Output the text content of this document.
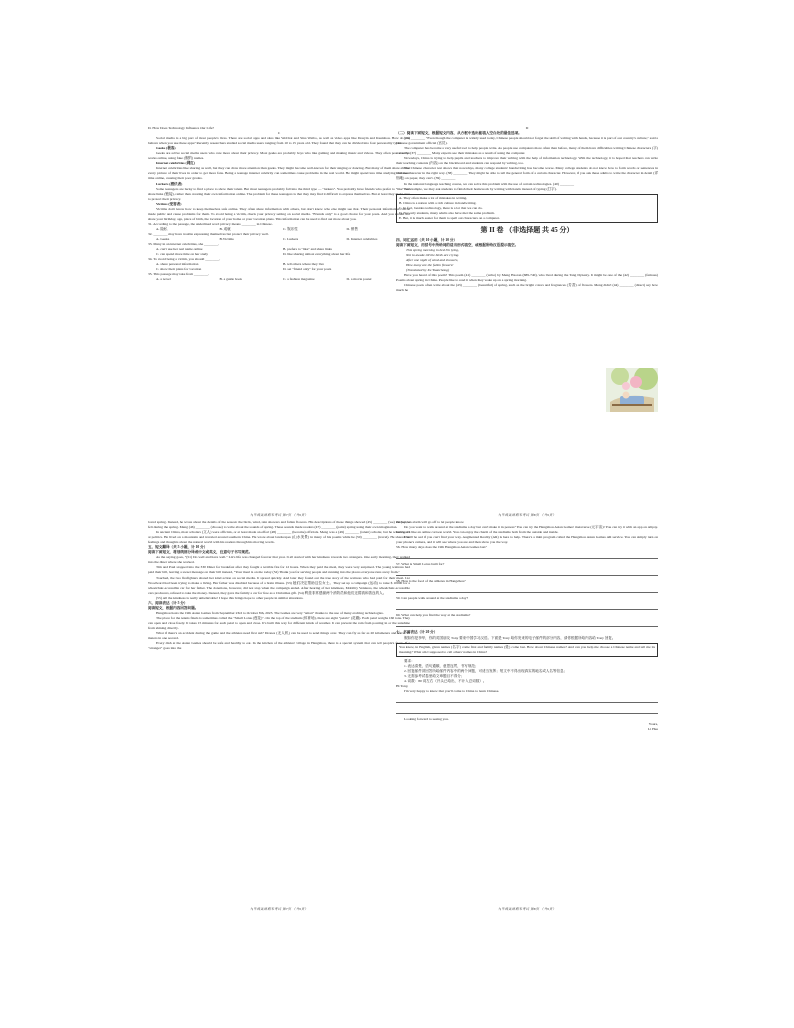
D. How Does Technology Influence Our Life?

C

Social media is a big part of most people's lives. There are social apps and sites like WeChat and Sina Weibo, as well as video apps like Douyin and Kuaishou. How do you behave when you use these apps? Recently researchers studied social media users ranging from 10 to 15 years old. They found that they can be divided into four personality types.

Geeks (极客)

Geeks are active social media users who care more about their privacy. Most geeks are probably boys who like gaming and making music and videos. They often post creative works online, using fake (假的) names.

Internet celebrities (网红)

Internet celebrities like sharing as well, but they can draw more attention than geeks. They might become well-known for their singing or dancing. But many of them share almost every picture of their lives in order to get more fans. Being a teenage internet celebrity can sometimes cause problems in the real world. He might spend less time studying and more time online, causing their poor grades.

Lurkers (潜伏者)

Some teenagers are lucky to find a place to show their talent. But most teenagers probably fall into the third type — "lurkers". You probably have friends who prefer to "like" and share links (链接), rather than creating their own information online. The problem for these teenagers is that they may find it difficult to express themselves. But at least they make sure to protect their privacy.

Victims (受害者)

Victims don't know how to keep themselves safe online. They often share information with others, but don't know who else might see that. Their personal information can be made public and cause problems for them. To avoid being a victim, check your privacy setting on social media. "Friends only" is a good choice for your posts. And you should not share your birthday, age, place of birth, the location of your home or your vacation plans. This information can be used to find out more about you.

31. According to the passage, the underlined word privacy means ________ in Chinese.

A. 隐私	B. 成就	C. 娱乐性	D. 销售

32. ________ may have trouble expressing themselves but protect their privacy well.

A. Geeks	B.Victims	C. Lurkers	D. Internet celebrities

33. Many in an internet celebrities, she ________.

A. can't use her real name online	B. prefers to "like" and share links
C. can spend more time on her study	D. like sharing almost everything about her life

34. To avoid being a victim, you should ________.

A. share personal information	B. tell others where they live
C. show their plans for vacation	D. set "friend only" for your posts

35. This passage may take from ________.

A. a novel	B. a guide book	C. a fashion magazine	D. a movie poster
九年级英语期末考试 第7页 （共9页）

D

（二）阅读下面短文，根据短文内容，从方框中选出能填入空白处的最佳选项。

(36) ________ "Even though the computer is widely used today, Chinese people should not forget the skill of writing with hands, because it is part of our country's culture," said a Chinese government official (官员).

The computer has become a very useful tool to help people write. As people use computers more often than before, many of them have difficulties writing Chinese characters (字) correctly. (37) ________ Many experts see their mistakes as a result of using the computer.

Nowadays, China is trying to help pupils and teachers to improve their writing with the help of information technology. With the technology, it is hoped that teachers can write their teaching contents (内容) on the blackboard and students can respond by writing, too.

The Chinese character test shows that nowadays, many college students' handwriting has become worse. Many college students do not know how to form words or sentences in Chinese character in the right way. (38) ________ They might be able to tell the general form of a certain character. However, if you ask these adults to write the character in detail (详细地) on paper, they can't. (39) ________

In the national language teaching course, we can solve this problem with the use of certain technologies. (40) ________

For example, we may ask students to finish their homework by writing with hands instead of typing (打字).

A. They often make a lot of mistakes in writing.

B. China is a nation with a rich culture in handwriting.

C. In fact, besides technology, there is a lot that we can do.

D. Not only students, many adults also have met the same problem.

E. But, it is much easier for them to spell out characters on a computer.

第 II 卷 （非选择题 共 45 分）

四、词汇运用（共 10 小题，计 10 分）

阅读下面短文，用括号中所给词的适当形式填空，或根据所给汉语提示填空。

This spring morning in bed I'm lying,

Not to awake till the birds are crying.

After one night of wind and showers,

How many are the fallen flowers!

(Translated by Xu Yuanchong)

Have you heard of this poem? This poem (41) ________ (write) by Meng Haoran (689-740), who lived during the Tang Dynasty. It might be one of the (42) ________ (famous) Poems about spring in China. People like to read it when they wake up on a spring morning.

Chinese poets often write about the (43) ________ (beautiful) of spring, such as the bright colors and fragrances (芳香) of flowers. Meng didn't (44) ________ (direct) say how much he

九年级英语期末考试 第8页 （共9页）

loved spring. Instead, he wrote about the details of the season: the birds, wind, rain showers and fallen flowers. His descriptions of these things showed (45) ________ (we) the joy he felt during the spring. Meng (46) ________ (choose) to write about the sounds of spring. These sounds made readers (47) ________ (paint) spring using their own imagination.

In ancient China, most scholars (文人) were officials, or at least made an effort (48) ________ (become) officials. Meng was a (49) ________ (talent) scholar, but he wasn't good at politics. He lived on a mountain and traveled around southern China. He wrote about landscapes (山水美景) in many of his poems while he (50) ________ (travel). He shared his feelings and thoughts about the natural world with his readers through his moving words.

五、短文翻译（共 5 小题，计 10 分）

阅读下面短文，将划线部分译成中文或英文，注意句子书写规范。

As the saying goes, "(51) Do well and have well." Liz's life was changed forever that year. It all started with her kindness towards two strangers. One early morning, they walked into the diner where she worked.

Tim and Paul stopped into the 330 Diner for breakfast after they fought a terrible fire for 12 hours. When they paid the meal, they were very surprised. The young waitress had paid their bill, leaving a sweet message on their bill instead, "Your meal is on me today (52) Thank you for serving people and running into the places everyone runs away from."

Touched, the two firefighters shared her kind action on social media. It spread quickly. And later they found out the true story of the waitress who had paid for their meal. Liz Woodward had been trying to make a living. Her father was disabled because of a brain illness. (53) 她们决定帮助这位女士。They set up a campaign (运动) to raise $ 10000 for a wheelchair-accessible car for her father. The donations, however, did not stop when the campaign ended. After hearing of her kindness, Mobility Ventures, the wheelchair-accessible cars producers, refused to take the money. Instead, they gave the family a car for free as a Christmas gift. (54) 利兹非常感谢两个消防员和他们还捐钱和善良的人。

(55) All the kindness is really unbelievable! I hope this brings hope to other people in similar situations.

六、阅读表达（计 5 分）

阅读短文，根据内容回答问题。

Hangzhou hosts the 19th Asian Games from September 23rd to October 8th, 2023. The Games are very "smart" thanks to the use of many exciting technologies.

The place for the tennis finals is sometimes called the "Small Lotus (莲花)". On the top of the stadium (体育场), there are eight "petals" (花瓣). Each petal weighs 160 tons. They can open and close freely. It takes 15 minutes for each petal to open and close. It's built this way for different kinds of weather. It can prevent the rain from pouring in or the sunshine from shining directly.

What if there's an accident during the game and the athletes need first aid? Drones (无人机) can be used to send things over. They can fly as far as 20 kilometers and travel 16 meters in one second.

Every dish at the Asian Games should be safe and healthy to eat. In the kitchen of the athletes' village in Hangzhou, there is a special system that can tell people's faces. If a "stranger" goes into the

九年级英语期末考试 第7页 （共9页）

kitchen, an alarm will go off to let people know.

Do you want to walk around at the stadiums a day but can't make it in person? You can try the Hangzhou Asian Games' metaverse (元宇宙)! You can try it with an app on Alipay. Inside, it's like an online cartoon world. You can enjoy the charm of the stadiums both from the outside and inside.

It will be sad if you can't find your way. Augmented Reality (AR) is here to help. There's a mini program called the Hangzhou Asian Games AR service. You can simply turn on your phone's camera, and it will see where you are and then show you the way.

56. How many days does the 19th Hangzhou Asian Games last?

57. What is Small Lotus built for?

58. How is the food of the athletes in Hangzhou?

59. Can people walk around at the stadiums a day?

60. What can help you find the way at the stadiums?

七、书面表达（计 20 分）

假如你是李华，你的英国朋友 Tony 要来中国学习汉语。下面是 Tony 给你发来的电子邮件的部分内容，请你根据所给内容给 Tony 回复。

You know, in English, given names (名字) come first and family names (姓) come last. How about Chinese names? And can you help me choose a Chinese name and tell me its meaning? What am I supposed to call others' names in China?

要求：

1. 表达清楚，语句通顺，意思连贯，书写规范；

2. 回复邮件须回答所给邮件内容中的两个问题，可适当发挥；短文中不得出现真实的地名或人名等信息；

3. 无需参考试卷里给文章题目不得分；

4. 词数：80 词左右（开头已给出，不计入总词数）。

Hi Tony,

I'm very happy to know that you'll come to China to learn Chinese.

Looking forward to seeing you.

Yours,

Li Hua

九年级英语期末考试 第8页 （共9页）
